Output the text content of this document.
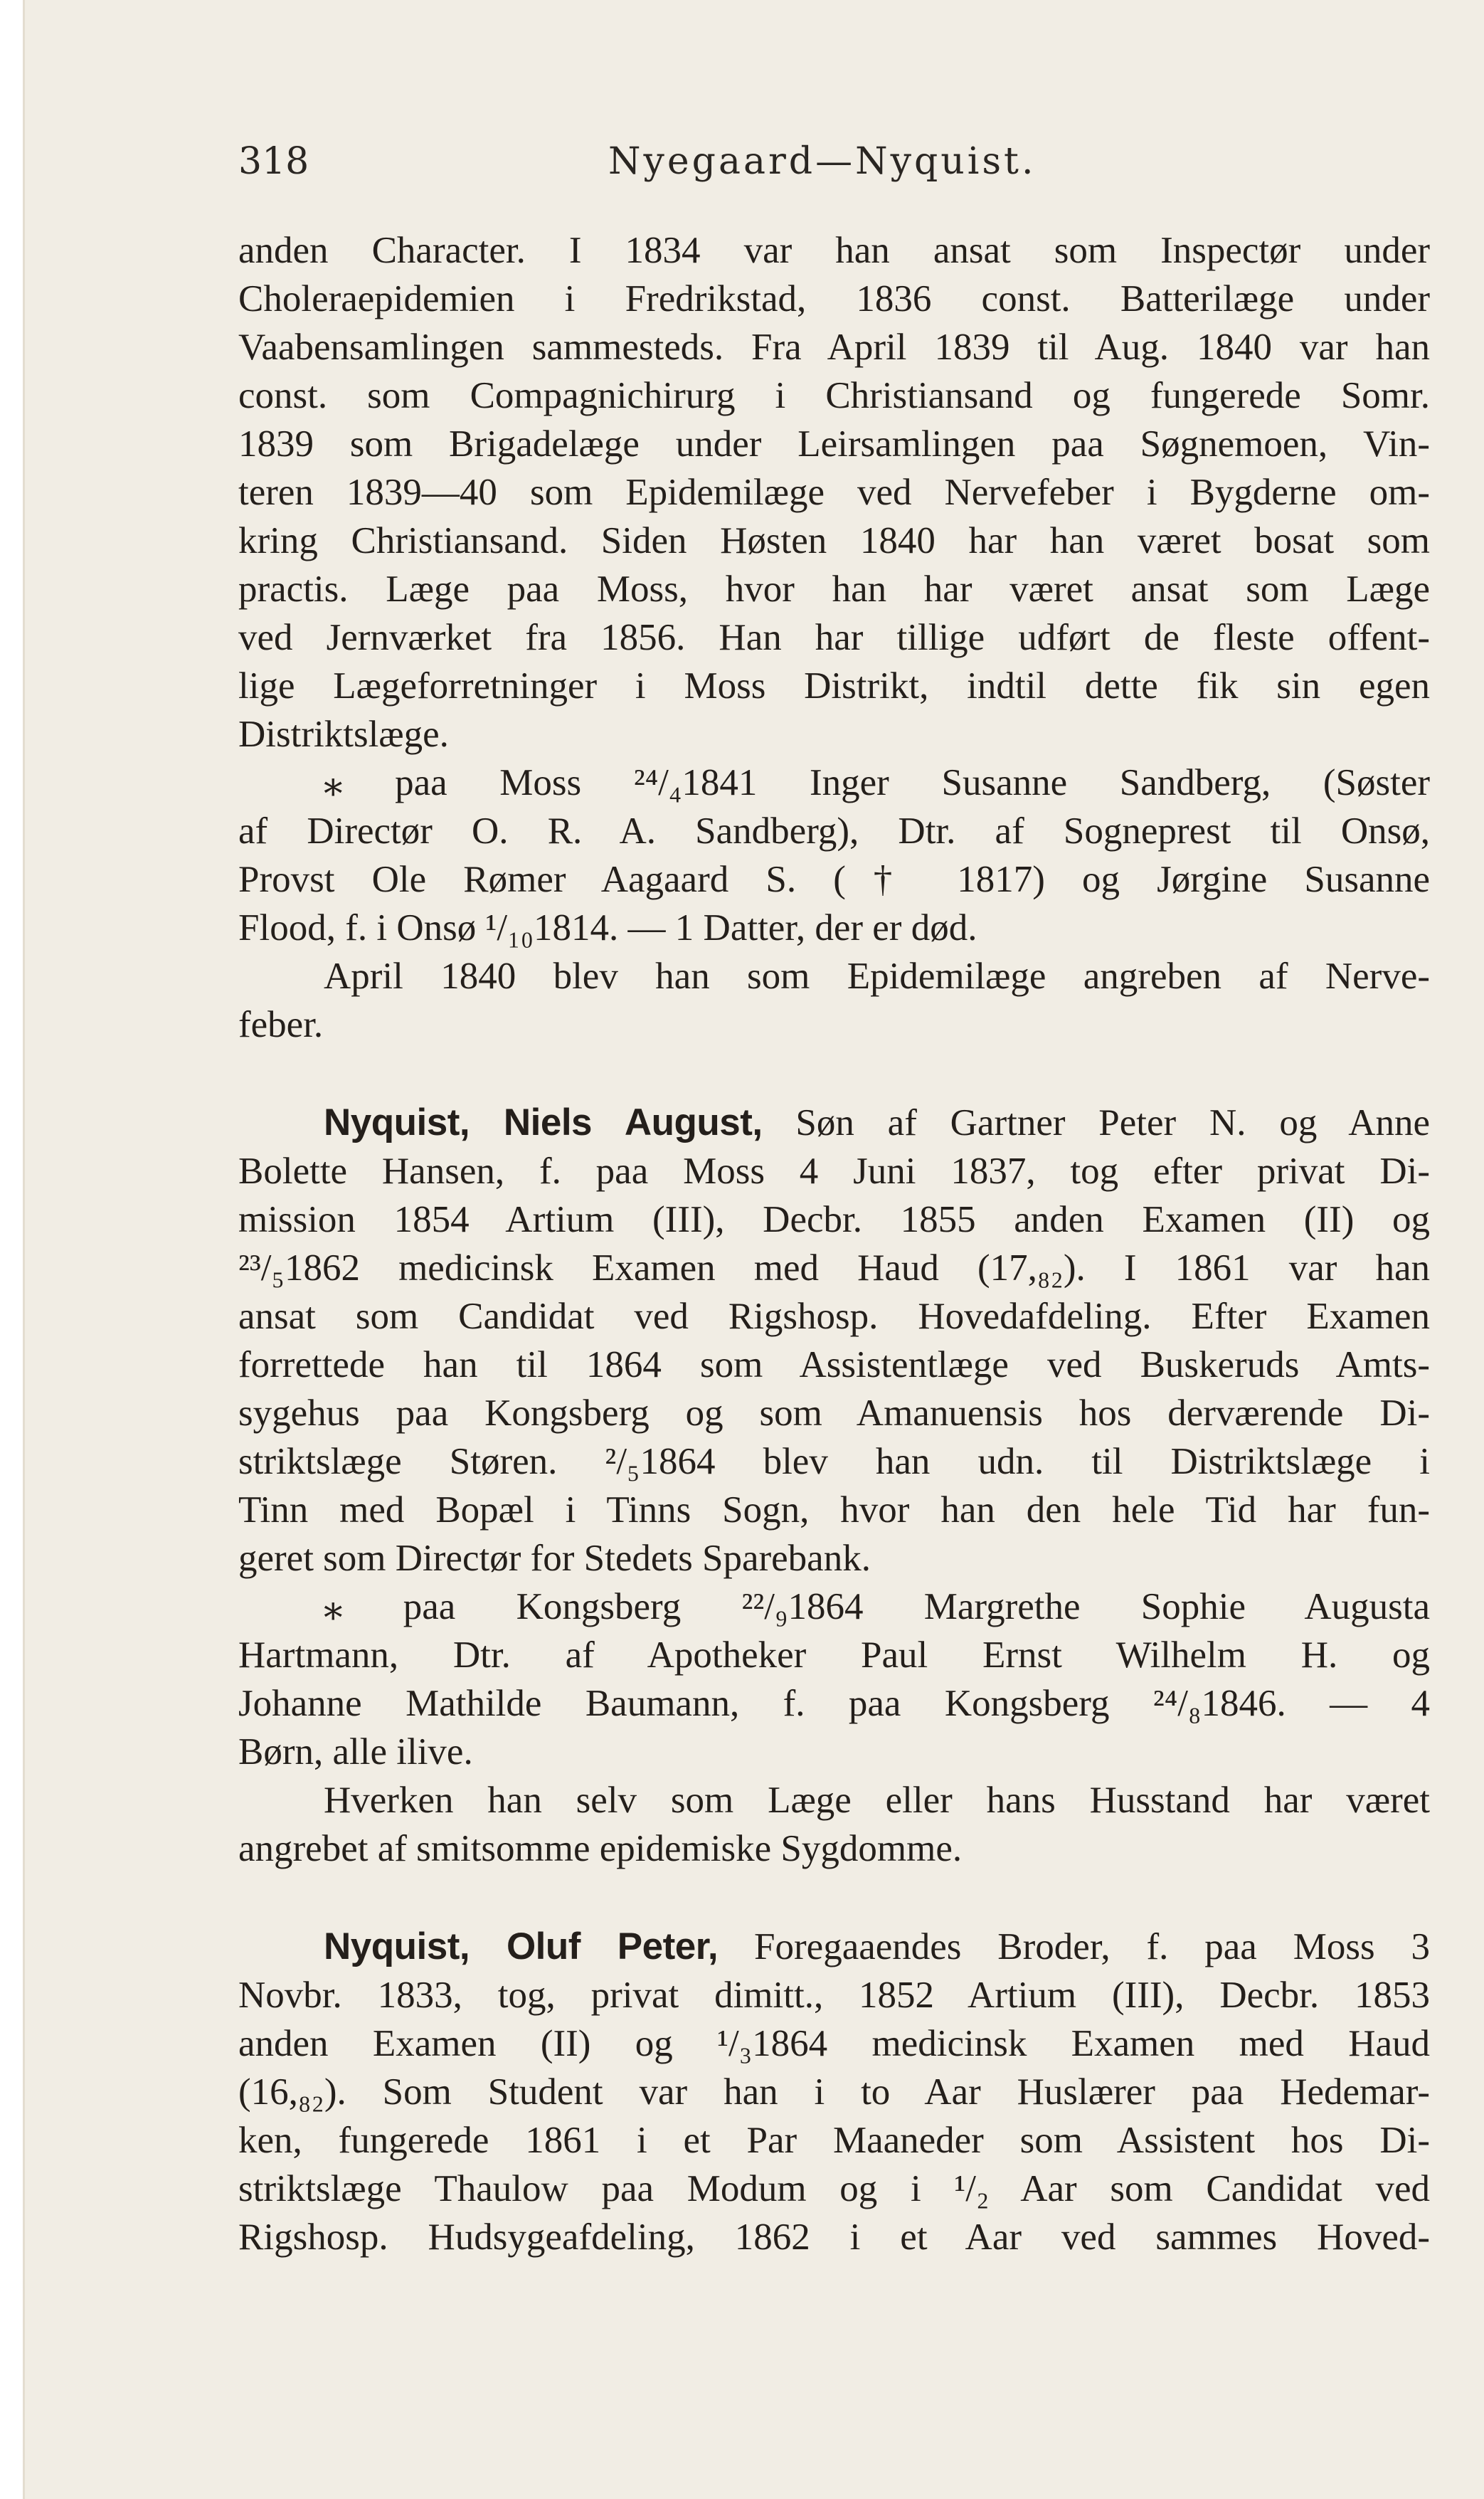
318	Nyegaard—Nyquist.
anden Character. I 1834 var han ansat som Inspectør under
Choleraepidemien i Fredrikstad, 1836 const. Batterilæge under
Vaabensamlingen sammesteds. Fra April 1839 til Aug. 1840 var han
const. som Compagnichirurg i Christiansand og fungerede Somr.
1839 som Brigadelæge under Leirsamlingen paa Søgnemoen, Vin-
teren 1839—40 som Epidemilæge ved Nervefeber i Bygderne om-
kring Christiansand. Siden Høsten 1840 har han været bosat som
practis. Læge paa Moss, hvor han har været ansat som Læge
ved Jernværket fra 1856. Han har tillige udført de fleste offent-
lige Lægeforretninger i Moss Distrikt, indtil dette fik sin egen
Distriktslæge.
⁎ paa Moss ²⁴/₄1841 Inger Susanne Sandberg, (Søster
af Directør O. R. A. Sandberg), Dtr. af Sogneprest til Onsø,
Provst Ole Rømer Aagaard S. († 1817) og Jørgine Susanne
Flood, f. i Onsø ¹/₁₀1814. — 1 Datter, der er død.
April 1840 blev han som Epidemilæge angreben af Nerve-
feber.
Nyquist, Niels August, Søn af Gartner Peter N. og Anne
Bolette Hansen, f. paa Moss 4 Juni 1837, tog efter privat Di-
mission 1854 Artium (III), Decbr. 1855 anden Examen (II) og
²³/₅1862 medicinsk Examen med Haud (17,₈₂). I 1861 var han
ansat som Candidat ved Rigshosp. Hovedafdeling. Efter Examen
forrettede han til 1864 som Assistentlæge ved Buskeruds Amts-
sygehus paa Kongsberg og som Amanuensis hos derværende Di-
striktslæge Støren. ²/₅1864 blev han udn. til Distriktslæge i
Tinn med Bopæl i Tinns Sogn, hvor han den hele Tid har fun-
geret som Directør for Stedets Sparebank.
⁎ paa Kongsberg ²²/₉1864 Margrethe Sophie Augusta
Hartmann, Dtr. af Apotheker Paul Ernst Wilhelm H. og
Johanne Mathilde Baumann, f. paa Kongsberg ²⁴/₈1846. — 4
Børn, alle ilive.
Hverken han selv som Læge eller hans Husstand har været
angrebet af smitsomme epidemiske Sygdomme.
Nyquist, Oluf Peter, Foregaaendes Broder, f. paa Moss 3
Novbr. 1833, tog, privat dimitt., 1852 Artium (III), Decbr. 1853
anden Examen (II) og ¹/₃1864 medicinsk Examen med Haud
(16,₈₂). Som Student var han i to Aar Huslærer paa Hedemar-
ken, fungerede 1861 i et Par Maaneder som Assistent hos Di-
striktslæge Thaulow paa Modum og i ¹/₂ Aar som Candidat ved
Rigshosp. Hudsygeafdeling, 1862 i et Aar ved sammes Hoved-
